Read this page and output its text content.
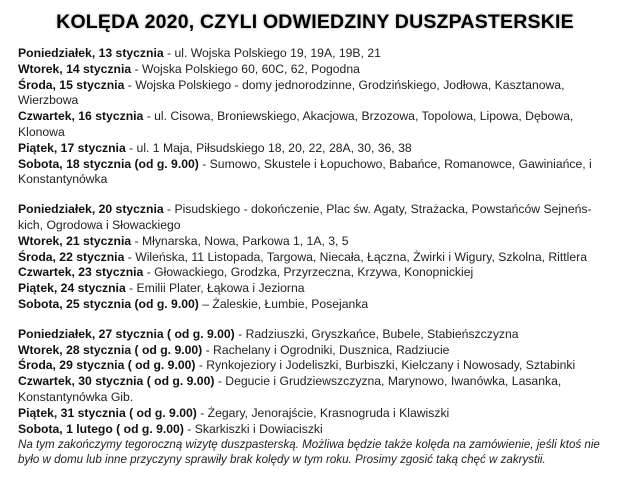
KOLĘDA 2020, CZYLI ODWIEDZINY DUSZPASTERSKIE
Poniedziałek, 13 stycznia - ul. Wojska Polskiego 19, 19A, 19B, 21
Wtorek, 14 stycznia - Wojska Polskiego 60, 60C, 62, Pogodna
Środa, 15 stycznia - Wojska Polskiego - domy jednorodzinne, Grodzińskiego, Jodłowa, Kasztanowa, Wierzbowa
Czwartek, 16 stycznia - ul. Cisowa, Broniewskiego, Akacjowa, Brzozowa, Topolowa, Lipowa, Dębowa, Klonowa
Piątek, 17 stycznia - ul. 1 Maja, Piłsudskiego 18, 20, 22, 28A, 30, 36, 38
Sobota, 18 stycznia (od g. 9.00) - Sumowo, Skustele i Łopuchowo, Babańce, Romanowce, Gawiniańce, i Konstantynówka
Poniedziałek, 20 stycznia - Pisudskiego - dokończenie, Plac św. Agaty, Strażacka, Powstańców Sejneńs-kich, Ogrodowa i Słowackiego
Wtorek, 21 stycznia - Młynarska, Nowa, Parkowa 1, 1A, 3, 5
Środa, 22 stycznia - Wileńska, 11 Listopada, Targowa, Niecała, Łączna, Żwirki i Wigury, Szkolna, Rittlera
Czwartek, 23 stycznia - Głowackiego, Grodzka, Przyrzeczna, Krzywa, Konopnickiej
Piątek, 24 stycznia - Emilii Plater, Łąkowa i Jeziorna
Sobota, 25 stycznia (od g. 9.00) – Żaleskie, Łumbie, Posejanka
Poniedziałek, 27 stycznia ( od g. 9.00) - Radziuszki, Gryszkańce, Bubele, Stabieńszczyzna
Wtorek, 28 stycznia ( od g. 9.00) - Rachelany i Ogrodniki, Dusznica, Radziucie
Środa, 29 stycznia ( od g. 9.00) - Rynkojeziory i Jodeliszki, Burbiszki, Kielczany i Nowosady, Sztabinki
Czwartek, 30 stycznia ( od g. 9.00) - Degucie i Grudziewszczyzna, Marynowo, Iwanówka, Lasanka, Konstantynówka Gib.
Piątek, 31 stycznia ( od g. 9.00) - Żegary, Jenorajście, Krasnogruda i Klawiszki
Sobota, 1 lutego ( od g. 9.00) - Skarkiszki i Dowiaciszki
Na tym zakończymy tegoroczną wizytę duszpasterską. Możliwa będzie także kolęda na zamówienie, jeśli ktoś nie było w domu lub inne przyczyny sprawiły brak kolędy w tym roku. Prosimy zgosić taką chęć w zakrystii.
